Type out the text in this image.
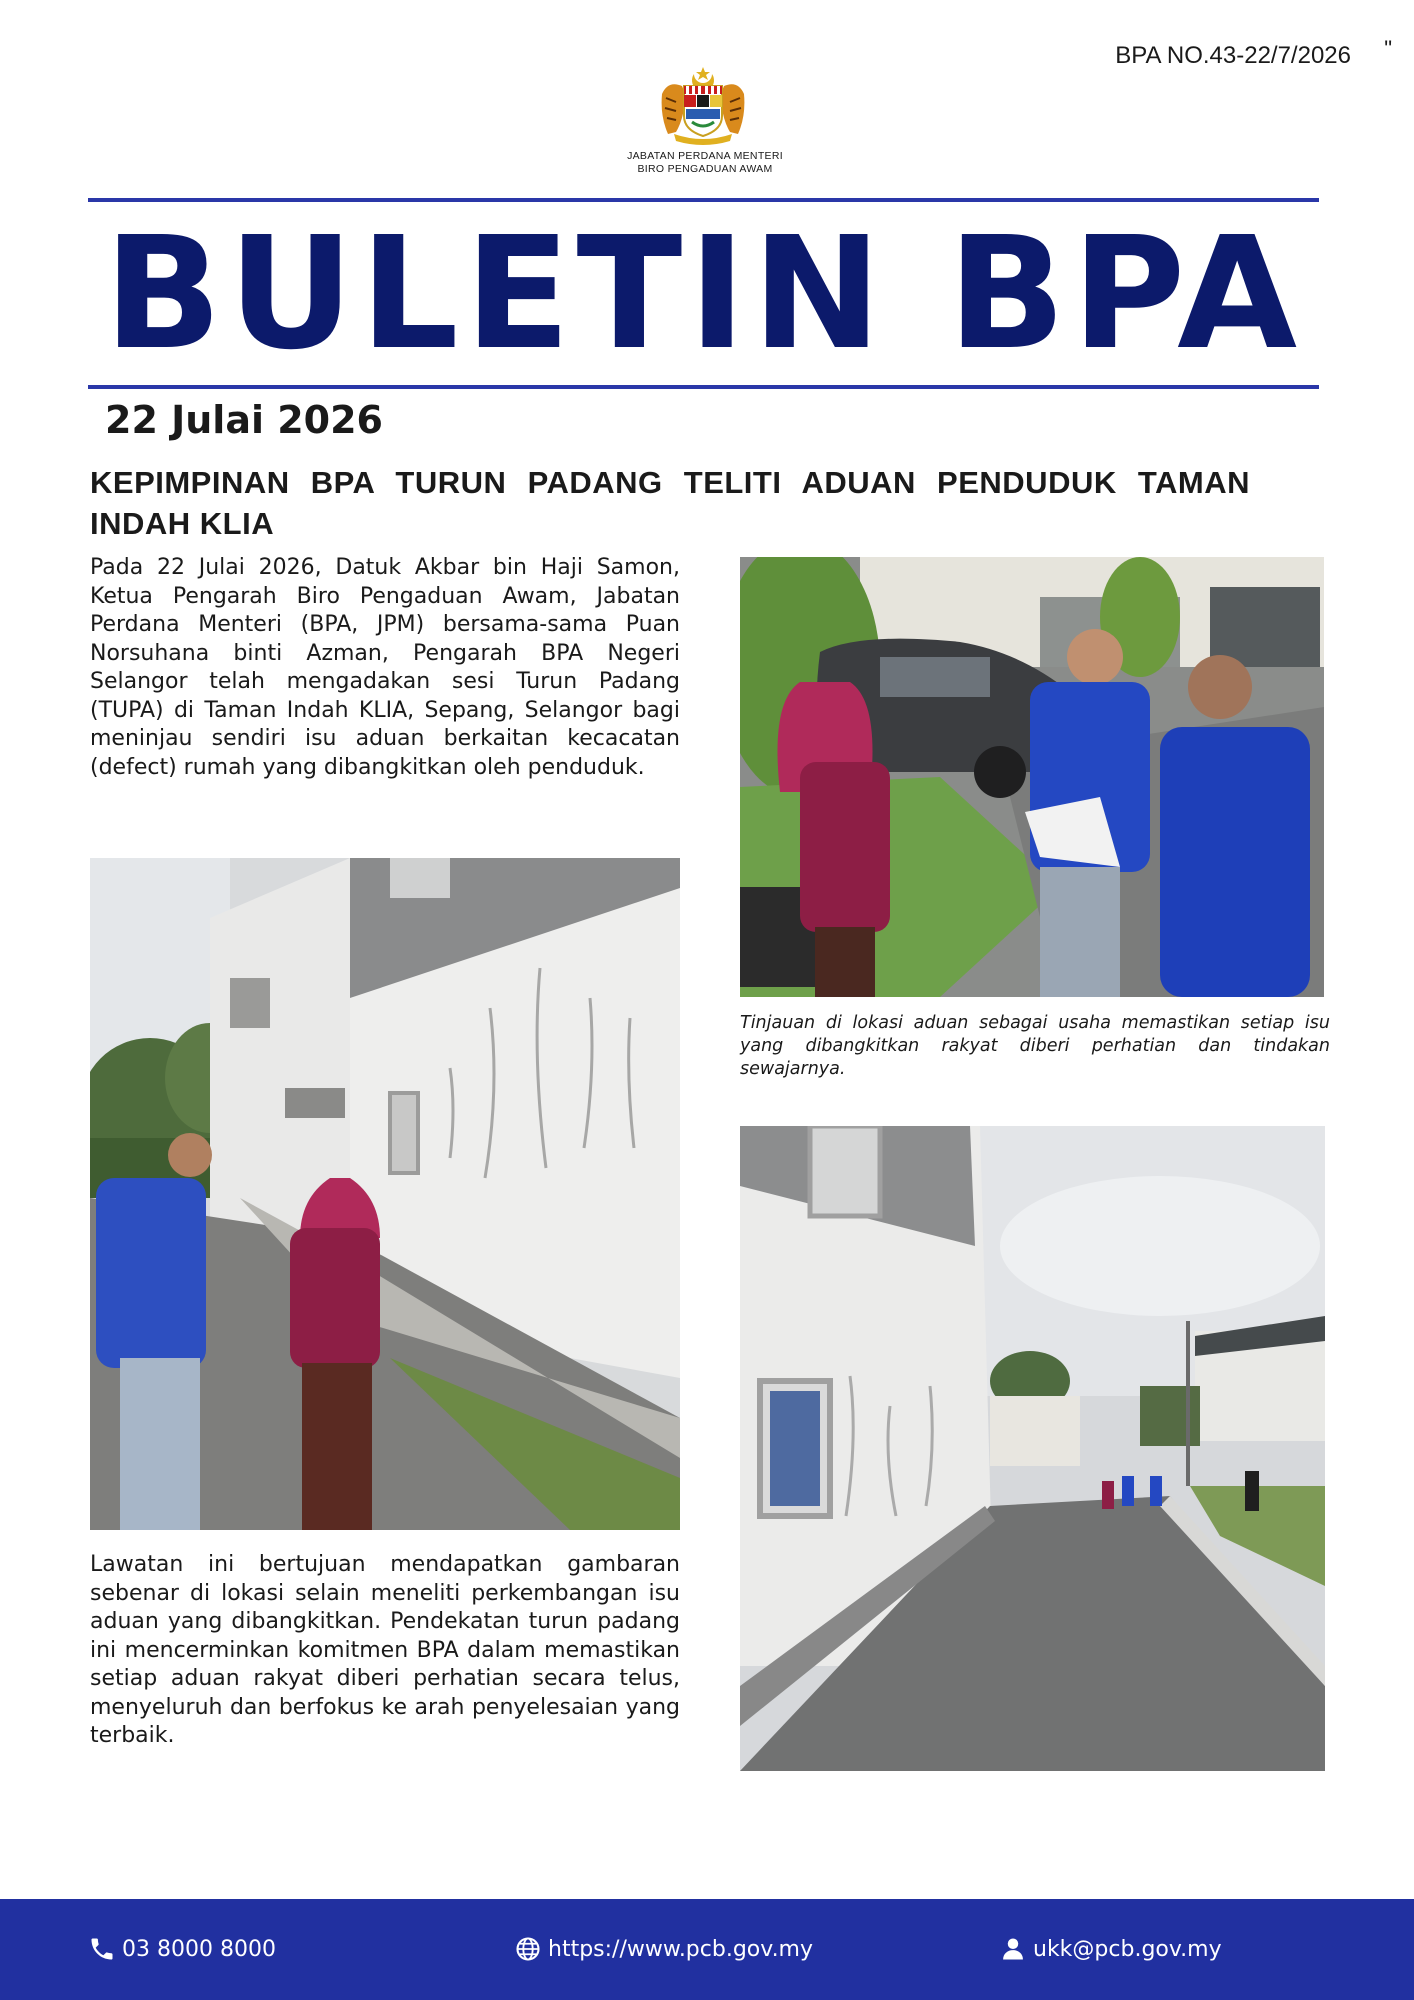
BPA NO.43-22/7/2026 "
JABATAN PERDANA MENTERI
BIRO PENGADUAN AWAM
BULETIN BPA
22 Julai 2026
KEPIMPINAN BPA TURUN PADANG TELITI ADUAN PENDUDUK TAMAN INDAH KLIA
Pada 22 Julai 2026, Datuk Akbar bin Haji Samon, Ketua Pengarah Biro Pengaduan Awam, Jabatan Perdana Menteri (BPA, JPM) bersama-sama Puan Norsuhana binti Azman, Pengarah BPA Negeri Selangor telah mengadakan sesi Turun Padang (TUPA) di Taman Indah KLIA, Sepang, Selangor bagi meninjau sendiri isu aduan berkaitan kecacatan (defect) rumah yang dibangkitkan oleh penduduk.
Lawatan ini bertujuan mendapatkan gambaran sebenar di lokasi selain meneliti perkembangan isu aduan yang dibangkitkan. Pendekatan turun padang ini mencerminkan komitmen BPA dalam memastikan setiap aduan rakyat diberi perhatian secara telus, menyeluruh dan berfokus ke arah penyelesaian yang terbaik.
Tinjauan di lokasi aduan sebagai usaha memastikan setiap isu yang dibangkitkan rakyat diberi perhatian dan tindakan sewajarnya.
03 8000 8000	https://www.pcb.gov.my	ukk@pcb.gov.my
